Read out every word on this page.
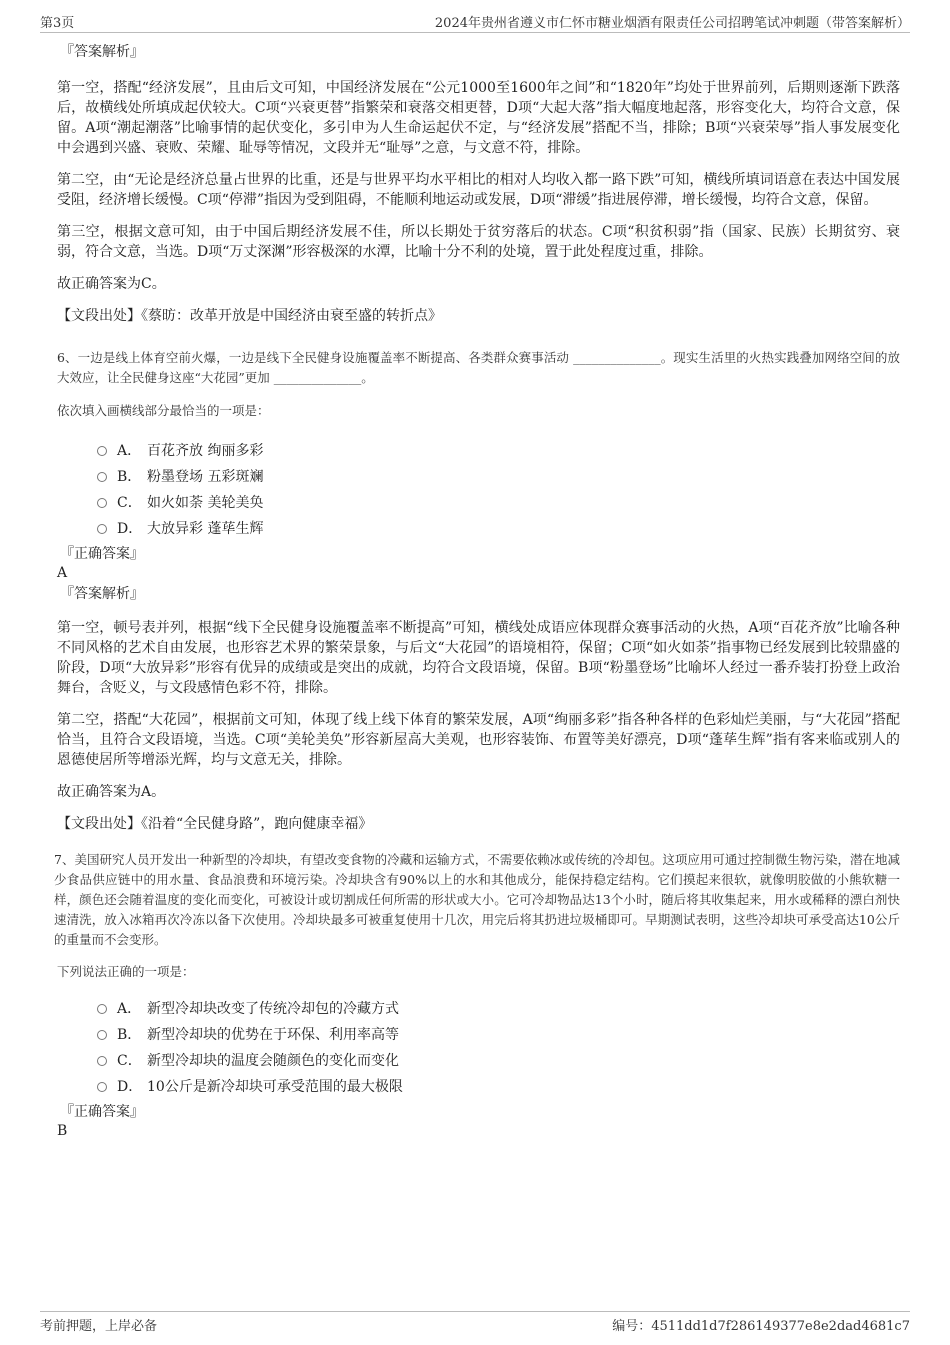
第3页	2024年贵州省遵义市仁怀市糖业烟酒有限责任公司招聘笔试冲刺题（带答案解析）

『答案解析』

第一空，搭配“经济发展”，且由后文可知，中国经济发展在“公元1000至1600年之间”和“1820年”均处于世界前列，后期则逐渐下跌落后，故横线处所填成起伏较大。C项“兴衰更替”指繁荣和衰落交相更替，D项“大起大落”指大幅度地起落，形容变化大，均符合文意，保留。A项“潮起潮落”比喻事情的起伏变化，多引申为人生命运起伏不定，与“经济发展”搭配不当，排除；B项“兴衰荣辱”指人事发展变化中会遇到兴盛、衰败、荣耀、耻辱等情况，文段并无“耻辱”之意，与文意不符，排除。

第二空，由“无论是经济总量占世界的比重，还是与世界平均水平相比的相对人均收入都一路下跌”可知，横线所填词语意在表达中国发展受阻，经济增长缓慢。C项“停滞”指因为受到阻碍，不能顺利地运动或发展，D项“滞缓”指进展停滞，增长缓慢，均符合文意，保留。

第三空，根据文意可知，由于中国后期经济发展不佳，所以长期处于贫穷落后的状态。C项“积贫积弱”指（国家、民族）长期贫穷、衰弱，符合文意，当选。D项“万丈深渊”形容极深的水潭，比喻十分不利的处境，置于此处程度过重，排除。

故正确答案为C。

【文段出处】《蔡昉：改革开放是中国经济由衰至盛的转折点》

6、一边是线上体育空前火爆，一边是线下全民健身设施覆盖率不断提高、各类群众赛事活动 ______________。现实生活里的火热实践叠加网络空间的放大效应，让全民健身这座“大花园”更加 ______________。

依次填入画横线部分最恰当的一项是：

A． 百花齐放 绚丽多彩
B． 粉墨登场 五彩斑斓
C． 如火如荼 美轮美奂
D． 大放异彩 蓬荜生辉

『正确答案』

A

『答案解析』

第一空，顿号表并列，根据“线下全民健身设施覆盖率不断提高”可知，横线处成语应体现群众赛事活动的火热，A项“百花齐放”比喻各种不同风格的艺术自由发展，也形容艺术界的繁荣景象，与后文“大花园”的语境相符，保留；C项“如火如荼”指事物已经发展到比较鼎盛的阶段，D项“大放异彩”形容有优异的成绩或是突出的成就，均符合文段语境，保留。B项“粉墨登场”比喻坏人经过一番乔装打扮登上政治舞台，含贬义，与文段感情色彩不符，排除。

第二空，搭配“大花园”，根据前文可知，体现了线上线下体育的繁荣发展，A项“绚丽多彩”指各种各样的色彩灿烂美丽，与“大花园”搭配恰当，且符合文段语境，当选。C项“美轮美奂”形容新屋高大美观，也形容装饰、布置等美好漂亮，D项“蓬荜生辉”指有客来临或别人的恩德使居所等增添光辉，均与文意无关，排除。

故正确答案为A。

【文段出处】《沿着“全民健身路”，跑向健康幸福》

7、美国研究人员开发出一种新型的冷却块，有望改变食物的冷藏和运输方式，不需要依赖冰或传统的冷却包。这项应用可通过控制微生物污染，潜在地减少食品供应链中的用水量、食品浪费和环境污染。冷却块含有90%以上的水和其他成分，能保持稳定结构。它们摸起来很软，就像明胶做的小熊软糖一样，颜色还会随着温度的变化而变化，可被设计或切割成任何所需的形状或大小。它可冷却物品达13个小时，随后将其收集起来，用水或稀释的漂白剂快速清洗，放入冰箱再次冷冻以备下次使用。冷却块最多可被重复使用十几次，用完后将其扔进垃圾桶即可。早期测试表明，这些冷却块可承受高达10公斤的重量而不会变形。

下列说法正确的一项是：

A． 新型冷却块改变了传统冷却包的冷藏方式
B． 新型冷却块的优势在于环保、利用率高等
C． 新型冷却块的温度会随颜色的变化而变化
D． 10公斤是新冷却块可承受范围的最大极限

『正确答案』

B

考前押题，上岸必备	编号：4511dd1d7f286149377e8e2dad4681c7
